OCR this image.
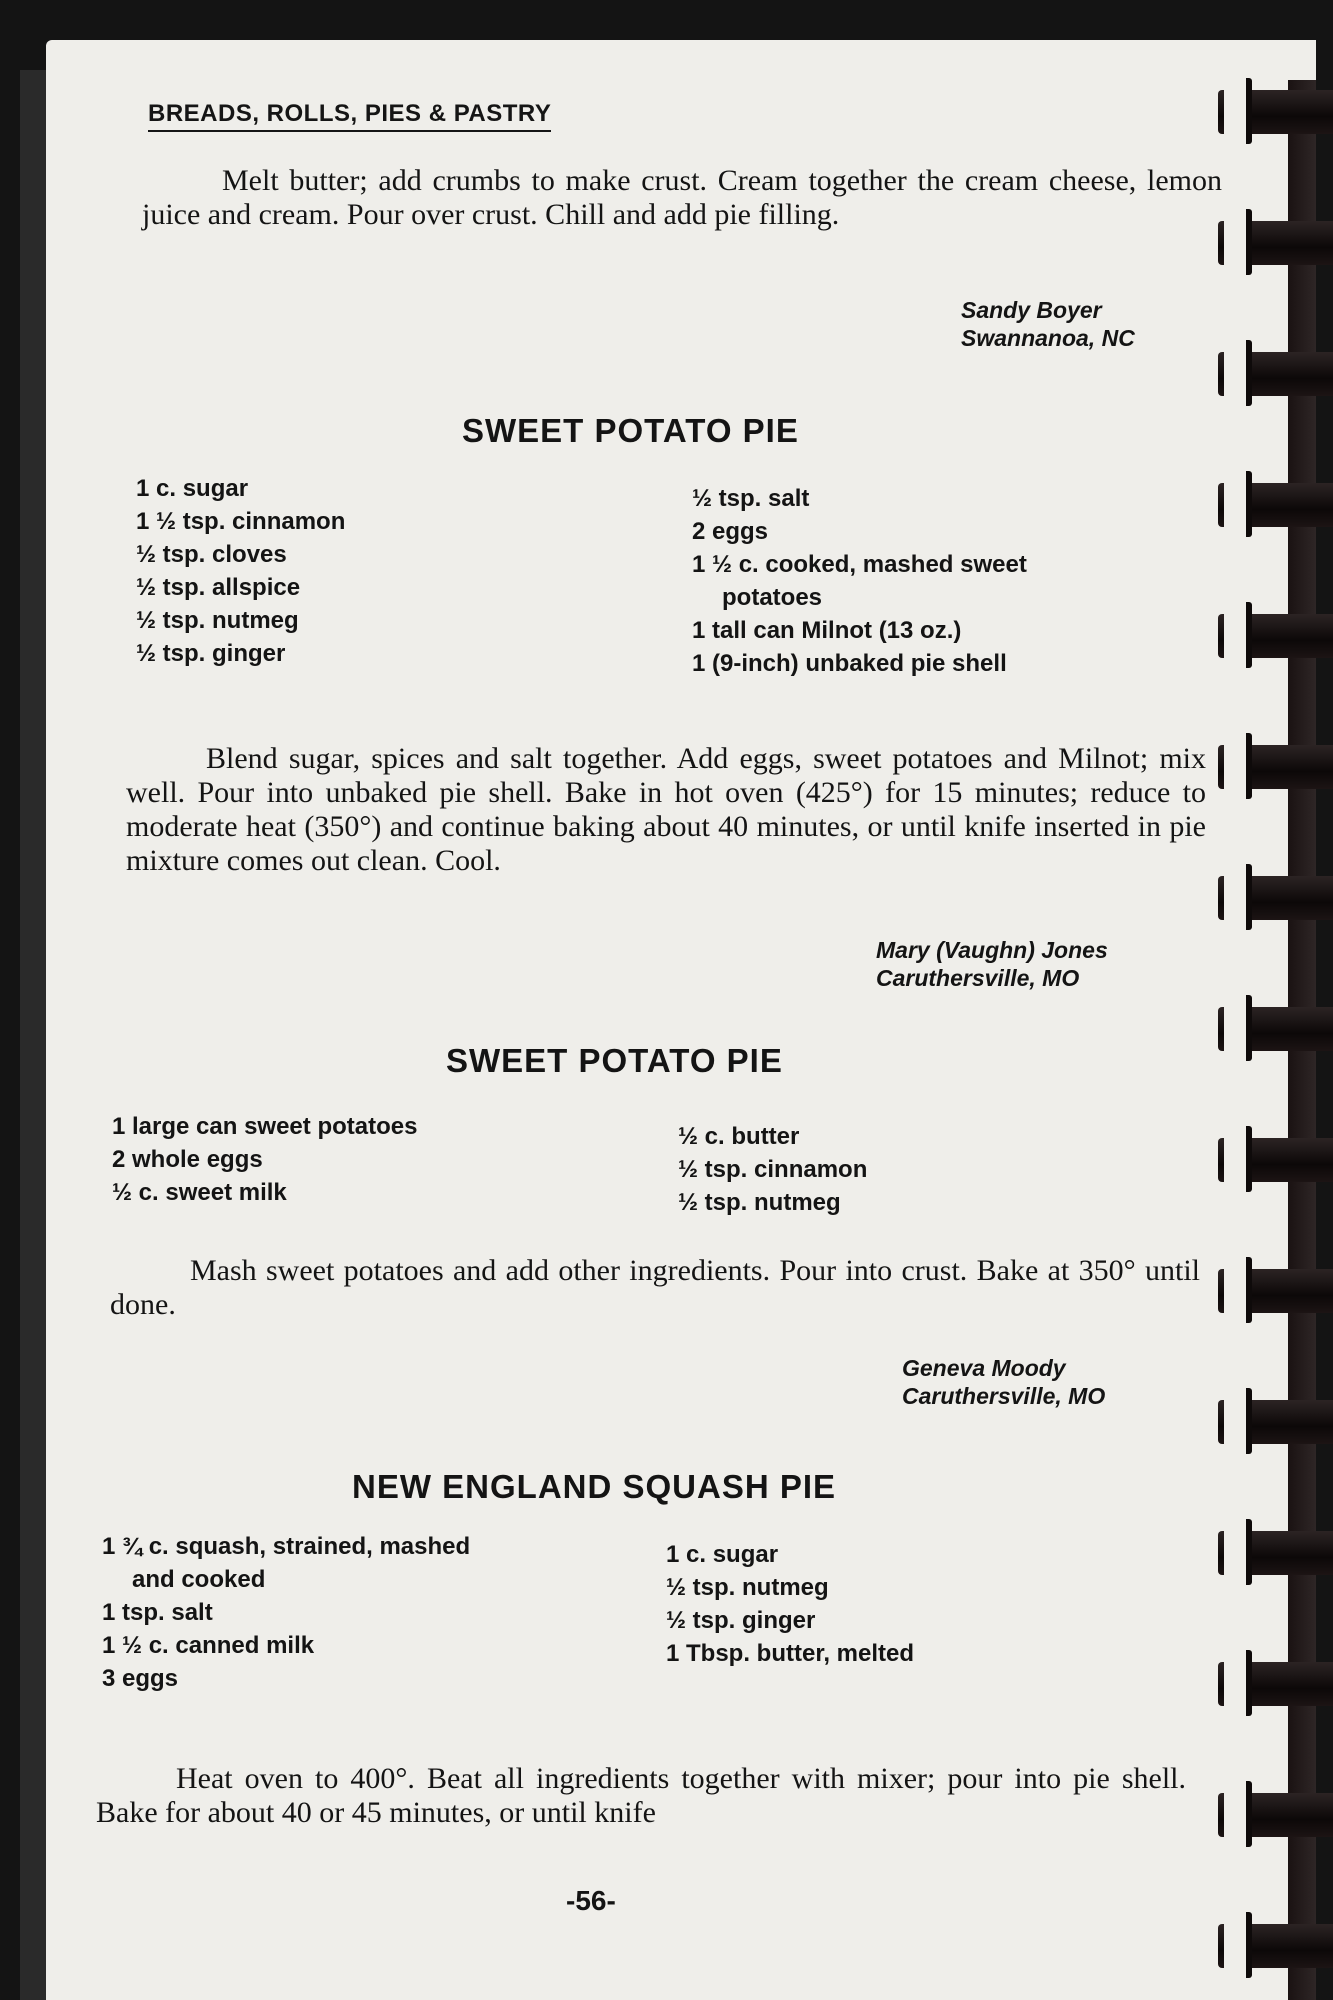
BREADS, ROLLS, PIES & PASTRY

Melt butter; add crumbs to make crust. Cream together the cream cheese, lemon juice and cream. Pour over crust. Chill and add pie filling.

Sandy Boyer
Swannanoa, NC
SWEET POTATO PIE
1 c. sugar
1 ½ tsp. cinnamon
½ tsp. cloves
½ tsp. allspice
½ tsp. nutmeg
½ tsp. ginger
½ tsp. salt
2 eggs
1 ½ c. cooked, mashed sweet
potatoes
1 tall can Milnot (13 oz.)
1 (9-inch) unbaked pie shell

Blend sugar, spices and salt together. Add eggs, sweet potatoes and Milnot; mix well. Pour into unbaked pie shell. Bake in hot oven (425°) for 15 minutes; reduce to moderate heat (350°) and continue baking about 40 minutes, or until knife inserted in pie mixture comes out clean. Cool.

Mary (Vaughn) Jones
Caruthersville, MO
SWEET POTATO PIE
1 large can sweet potatoes
2 whole eggs
½ c. sweet milk
½ c. butter
½ tsp. cinnamon
½ tsp. nutmeg

Mash sweet potatoes and add other ingredients. Pour into crust. Bake at 350° until done.

Geneva Moody
Caruthersville, MO
NEW ENGLAND SQUASH PIE
1 ¾ c. squash, strained, mashed
and cooked
1 tsp. salt
1 ½ c. canned milk
3 eggs
1 c. sugar
½ tsp. nutmeg
½ tsp. ginger
1 Tbsp. butter, melted

Heat oven to 400°. Beat all ingredients together with mixer; pour into pie shell. Bake for about 40 or 45 minutes, or until knife

-56-
